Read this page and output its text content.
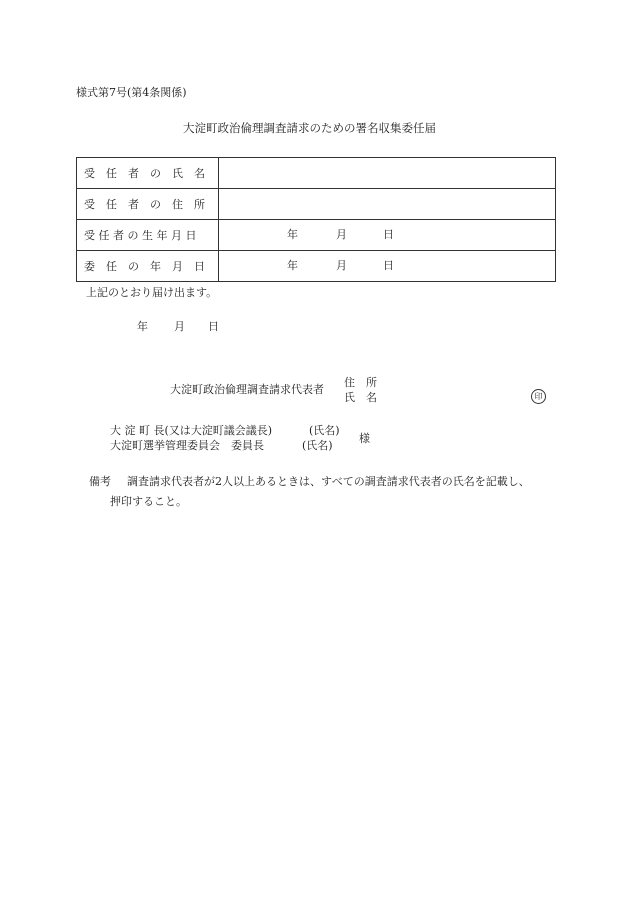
様式第7号(第4条関係)
大淀町政治倫理調査請求のための署名収集委任届
受　任　者　の　氏　名	

受　任　者　の　住　所	

受 任 者 の 生 年 月 日	年 月 日

委　任　の　年　月　日	年 月 日
上記のとおり届け出ます。
年 月 日
大淀町政治倫理調査請求代表者
住　所
氏　名	印
大 淀 町 長(又は大淀町議会議長)	(氏名)
大淀町選挙管理委員会　委員長	(氏名)
様
備考 調査請求代表者が2人以上あるときは、すべての調査請求代表者の氏名を記載し、
押印すること。
